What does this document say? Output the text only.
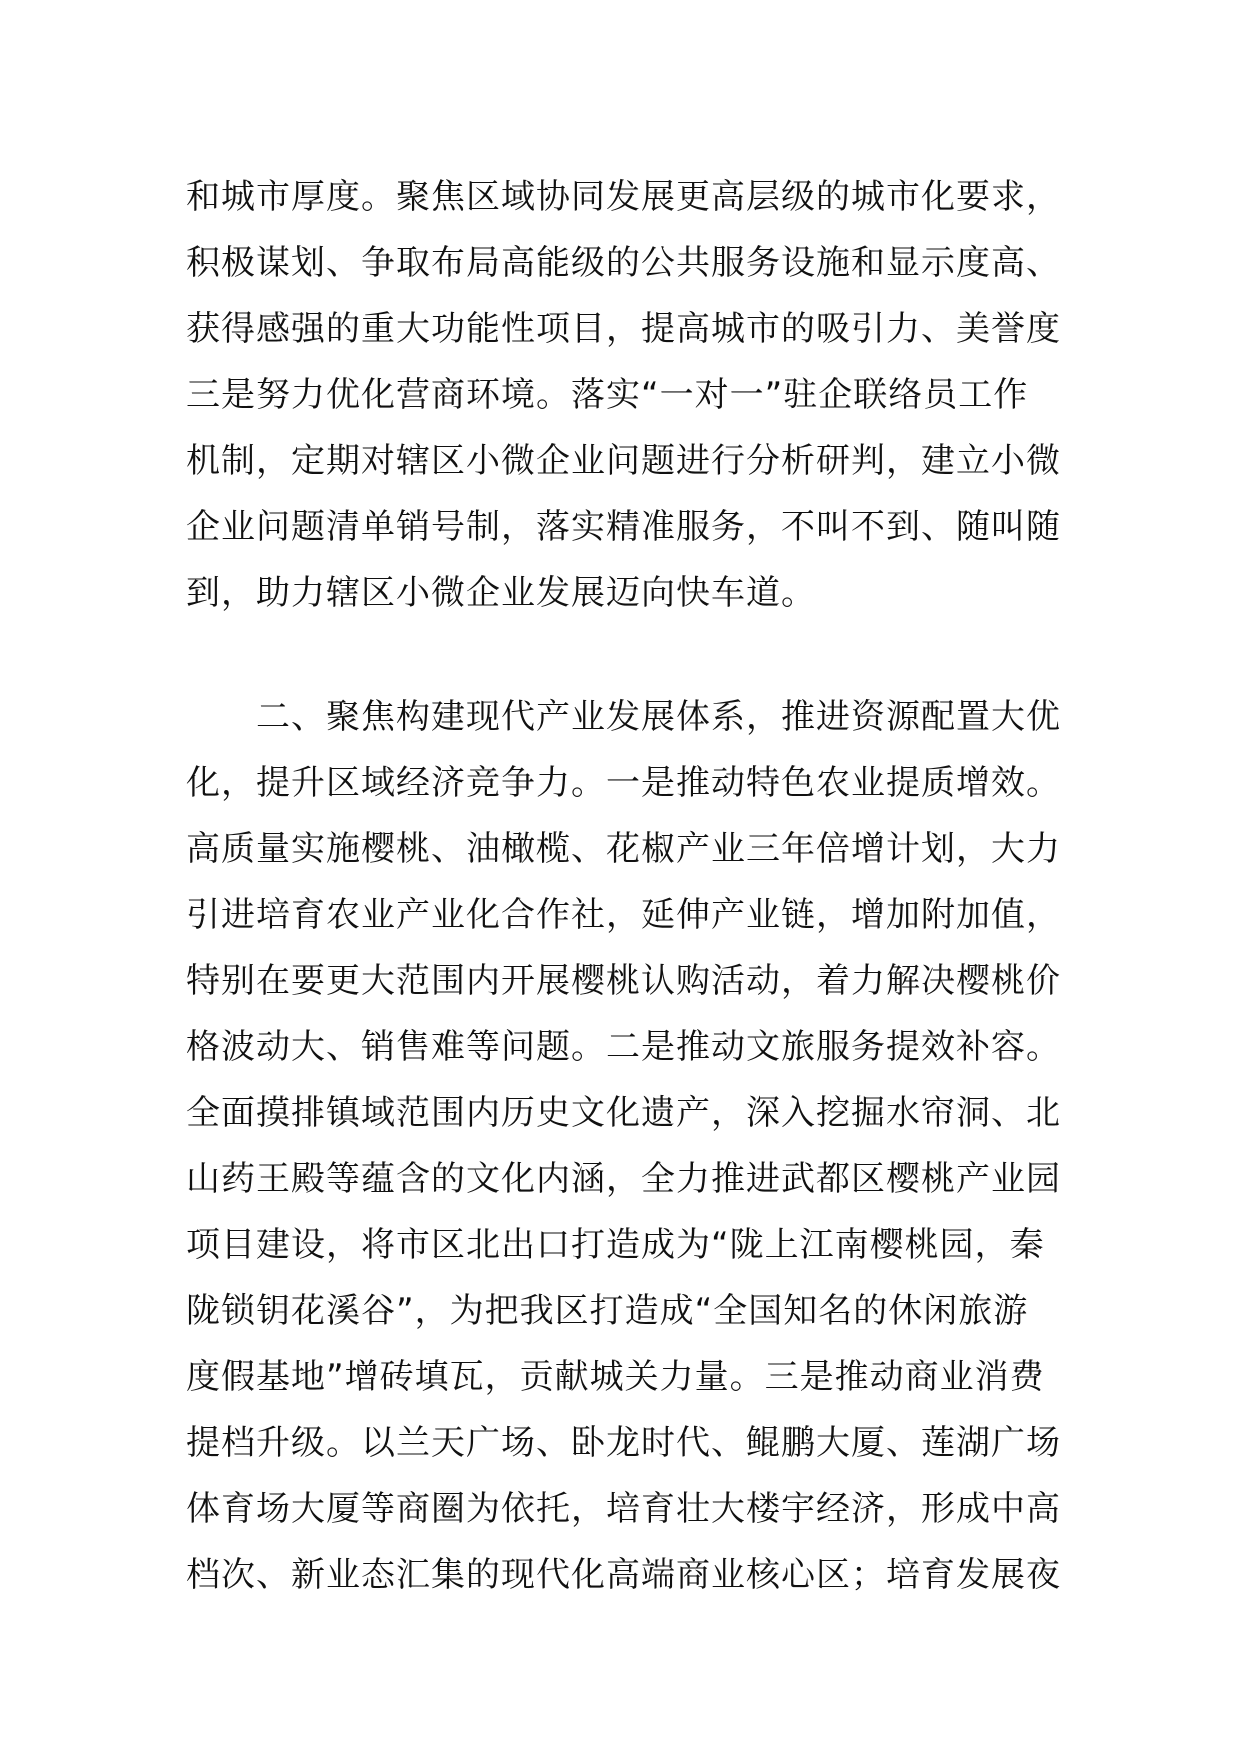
和城市厚度。聚焦区域协同发展更高层级的城市化要求，
积极谋划、争取布局高能级的公共服务设施和显示度高、
获得感强的重大功能性项目，提高城市的吸引力、美誉度
三是努力优化营商环境。落实“一对一”驻企联络员工作
机制，定期对辖区小微企业问题进行分析研判，建立小微
企业问题清单销号制，落实精准服务，不叫不到、随叫随
到，助力辖区小微企业发展迈向快车道。
二、聚焦构建现代产业发展体系，推进资源配置大优
化，提升区域经济竞争力。一是推动特色农业提质增效。
高质量实施樱桃、油橄榄、花椒产业三年倍增计划，大力
引进培育农业产业化合作社，延伸产业链，增加附加值，
特别在要更大范围内开展樱桃认购活动，着力解决樱桃价
格波动大、销售难等问题。二是推动文旅服务提效补容。
全面摸排镇域范围内历史文化遗产，深入挖掘水帘洞、北
山药王殿等蕴含的文化内涵，全力推进武都区樱桃产业园
项目建设，将市区北出口打造成为“陇上江南樱桃园，秦
陇锁钥花溪谷”，为把我区打造成“全国知名的休闲旅游
度假基地”增砖填瓦，贡献城关力量。三是推动商业消费
提档升级。以兰天广场、卧龙时代、鲲鹏大厦、莲湖广场
体育场大厦等商圈为依托，培育壮大楼宇经济，形成中高
档次、新业态汇集的现代化高端商业核心区；培育发展夜
